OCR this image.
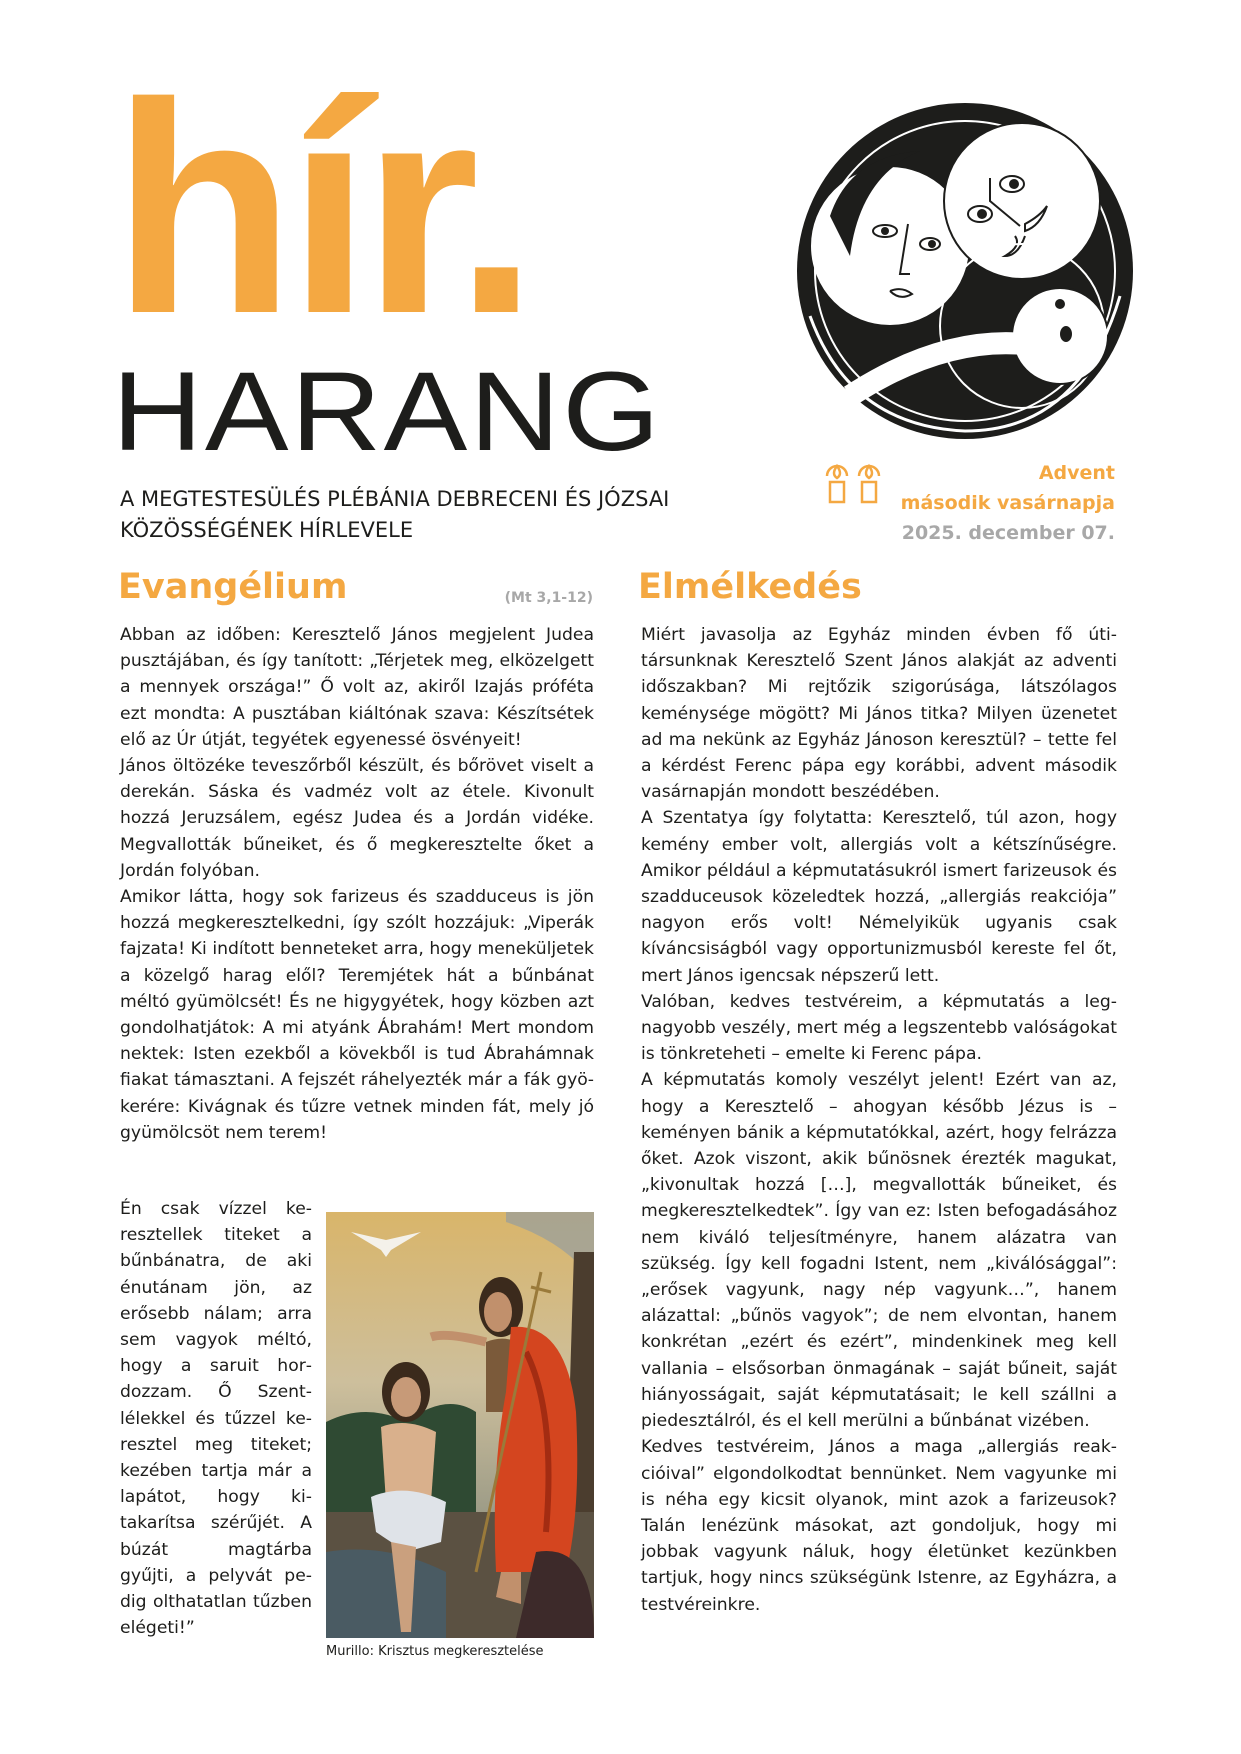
hír.
HARANG
A MEGTESTESÜLÉS PLÉBÁNIA DEBRECENI ÉS JÓZSAI
KÖZÖSSÉGÉNEK HÍRLEVELE
Advent
második vasárnapja
2025. december 07.
Evangélium	(Mt 3,1-12)

Abban az időben: Keresztelő János megjelent Judea pusztájában, és így tanított: „Térjetek meg, elközelgett a mennyek országa!” Ő volt az, akiről Izajás próféta ezt mondta: A pusztában kiáltónak szava: Készítsétek elő az Úr útját, tegyétek egyenessé ösvényeit!

János öltözéke teveszőrből készült, és bőrövet viselt a derekán. Sáska és vadméz volt az étele. Kivonult hozzá Jeruzsálem, egész Judea és a Jordán vidéke. Megvallották bűneiket, és ő megkeresztelte őket a Jordán folyóban.

Amikor látta, hogy sok farizeus és szadduceus is jön hozzá megkeresztelkedni, így szólt hozzájuk: „Viperák fajzata! Ki indított benneteket arra, hogy meneküljetek a közelgő harag elől? Teremjétek hát a bűnbánat méltó gyümölcsét! És ne higygyétek, hogy közben azt gondolhatjátok: A mi atyánk Ábrahám! Mert mondom nektek: Isten ezekből a kövekből is tud Ábrahámnak fiakat támasztani. A fejszét ráhelyezték már a fák gyökerére: Kivágnak és tűzre vetnek minden fát, mely jó gyümölcsöt nem terem!

Én csak vízzel keresztellek titeket a bűnbánatra, de aki énutánam jön, az erősebb nálam; arra sem vagyok méltó, hogy a saruit hordozzam. Ő Szentlélekkel és tűzzel keresztel meg titeket; kezében tartja már a lapátot, hogy kitakarítsa szérűjét. A búzát magtárba gyűjti, a pelyvát pedig olthatatlan tűzben elégeti!”
Murillo: Krisztus megkeresztelése
Elmélkedés

Miért javasolja az Egyház minden évben fő útitársunknak Keresztelő Szent János alakját az adventi időszakban? Mi rejtőzik szigorúsága, látszólagos keménysége mögött? Mi János titka? Milyen üzenetet ad ma nekünk az Egyház Jánoson keresztül? – tette fel a kérdést Ferenc pápa egy korábbi, advent második vasárnapján mondott beszédében.

A Szentatya így folytatta: Keresztelő, túl azon, hogy kemény ember volt, allergiás volt a kétszínűségre. Amikor például a képmutatásukról ismert farizeusok és szadduceusok közeledtek hozzá, „allergiás reakciója” nagyon erős volt! Némelyikük ugyanis csak kíváncsiságból vagy opportunizmusból kereste fel őt, mert János igencsak népszerű lett.

Valóban, kedves testvéreim, a képmutatás a legnagyobb veszély, mert még a legszentebb valóságokat is tönkreteheti – emelte ki Ferenc pápa.

A képmutatás komoly veszélyt jelent! Ezért van az, hogy a Keresztelő – ahogyan később Jézus is – keményen bánik a képmutatókkal, azért, hogy felrázza őket. Azok viszont, akik bűnösnek érezték magukat, „kivonultak hozzá […], megvallották bűneiket, és megkeresztelkedtek”. Így van ez: Isten befogadásához nem kiváló teljesítményre, hanem alázatra van szükség. Így kell fogadni Istent, nem „kiválósággal”: „erősek vagyunk, nagy nép vagyunk…”, hanem alázattal: „bűnös vagyok”; de nem elvontan, hanem konkrétan „ezért és ezért”, mindenkinek meg kell vallania – elsősorban önmagának – saját bűneit, saját hiányosságait, saját képmutatásait; le kell szállni a piedesztálról, és el kell merülni a bűnbánat vizében.

Kedves testvéreim, János a maga „allergiás reakcióival” elgondolkodtat bennünket. Nem vagyunke mi is néha egy kicsit olyanok, mint azok a farizeusok? Talán lenézünk másokat, azt gondoljuk, hogy mi jobbak vagyunk náluk, hogy életünket kezünkben tartjuk, hogy nincs szükségünk Istenre, az Egyházra, a testvéreinkre.
